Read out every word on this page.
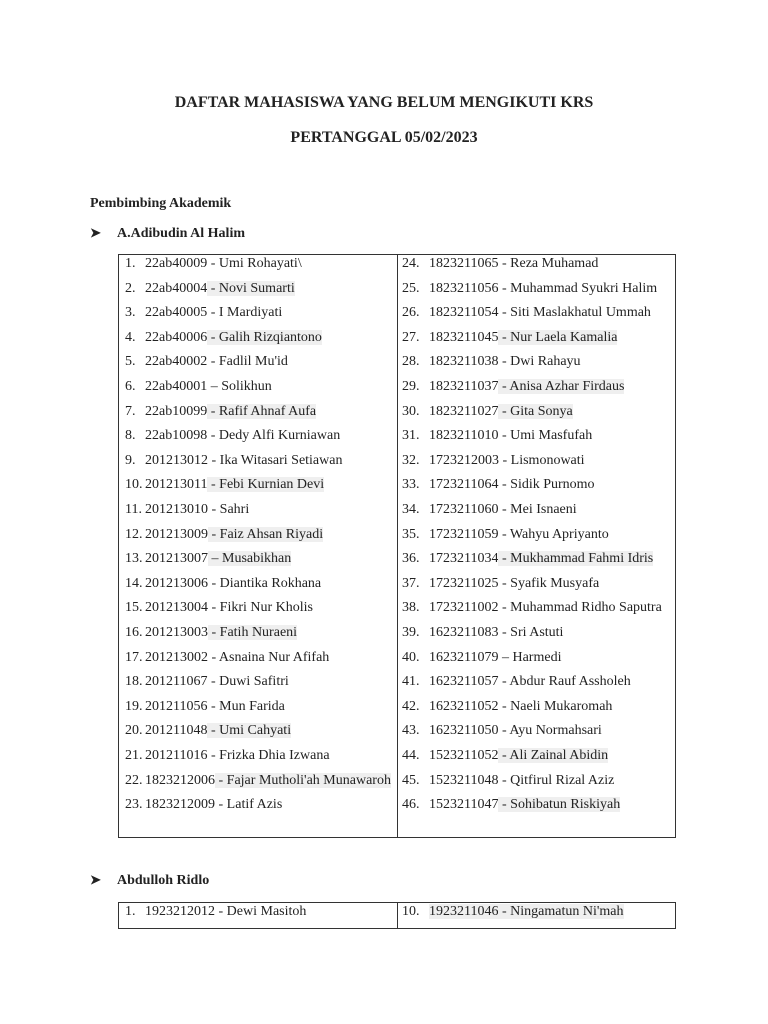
DAFTAR MAHASISWA YANG BELUM MENGIKUTI KRS
PERTANGGAL 05/02/2023
Pembimbing Akademik
➤ A.Adibudin Al Halim
1. 22ab40009 - Umi Rohayati\
2. 22ab40004 - Novi Sumarti
3. 22ab40005 - I Mardiyati
4. 22ab40006 - Galih Rizqiantono
5. 22ab40002 - Fadlil Mu'id
6. 22ab40001 – Solikhun
7. 22ab10099 - Rafif Ahnaf Aufa
8. 22ab10098 - Dedy Alfi Kurniawan
9. 201213012 - Ika Witasari Setiawan
10. 201213011 - Febi Kurnian Devi
11. 201213010 - Sahri
12. 201213009 - Faiz Ahsan Riyadi
13. 201213007 – Musabikhan
14. 201213006 - Diantika Rokhana
15. 201213004 - Fikri Nur Kholis
16. 201213003 - Fatih Nuraeni
17. 201213002 - Asnaina Nur Afifah
18. 201211067 - Duwi Safitri
19. 201211056 - Mun Farida
20. 201211048 - Umi Cahyati
21. 201211016 - Frizka Dhia Izwana
22. 1823212006 - Fajar Mutholi'ah Munawaroh
23. 1823212009 - Latif Azis
24. 1823211065 - Reza Muhamad
25. 1823211056 - Muhammad Syukri Halim
26. 1823211054 - Siti Maslakhatul Ummah
27. 1823211045 - Nur Laela Kamalia
28. 1823211038 - Dwi Rahayu
29. 1823211037 - Anisa Azhar Firdaus
30. 1823211027 - Gita Sonya
31. 1823211010 - Umi Masfufah
32. 1723212003 - Lismonowati
33. 1723211064 - Sidik Purnomo
34. 1723211060 - Mei Isnaeni
35. 1723211059 - Wahyu Apriyanto
36. 1723211034 - Mukhammad Fahmi Idris
37. 1723211025 - Syafik Musyafa
38. 1723211002 - Muhammad Ridho Saputra
39. 1623211083 - Sri Astuti
40. 1623211079 – Harmedi
41. 1623211057 - Abdur Rauf Assholeh
42. 1623211052 - Naeli Mukaromah
43. 1623211050 - Ayu Normahsari
44. 1523211052 - Ali Zainal Abidin
45. 1523211048 - Qitfirul Rizal Aziz
46. 1523211047 - Sohibatun Riskiyah
➤ Abdulloh Ridlo
1. 1923212012 - Dewi Masitoh	10. 1923211046 - Ningamatun Ni'mah
